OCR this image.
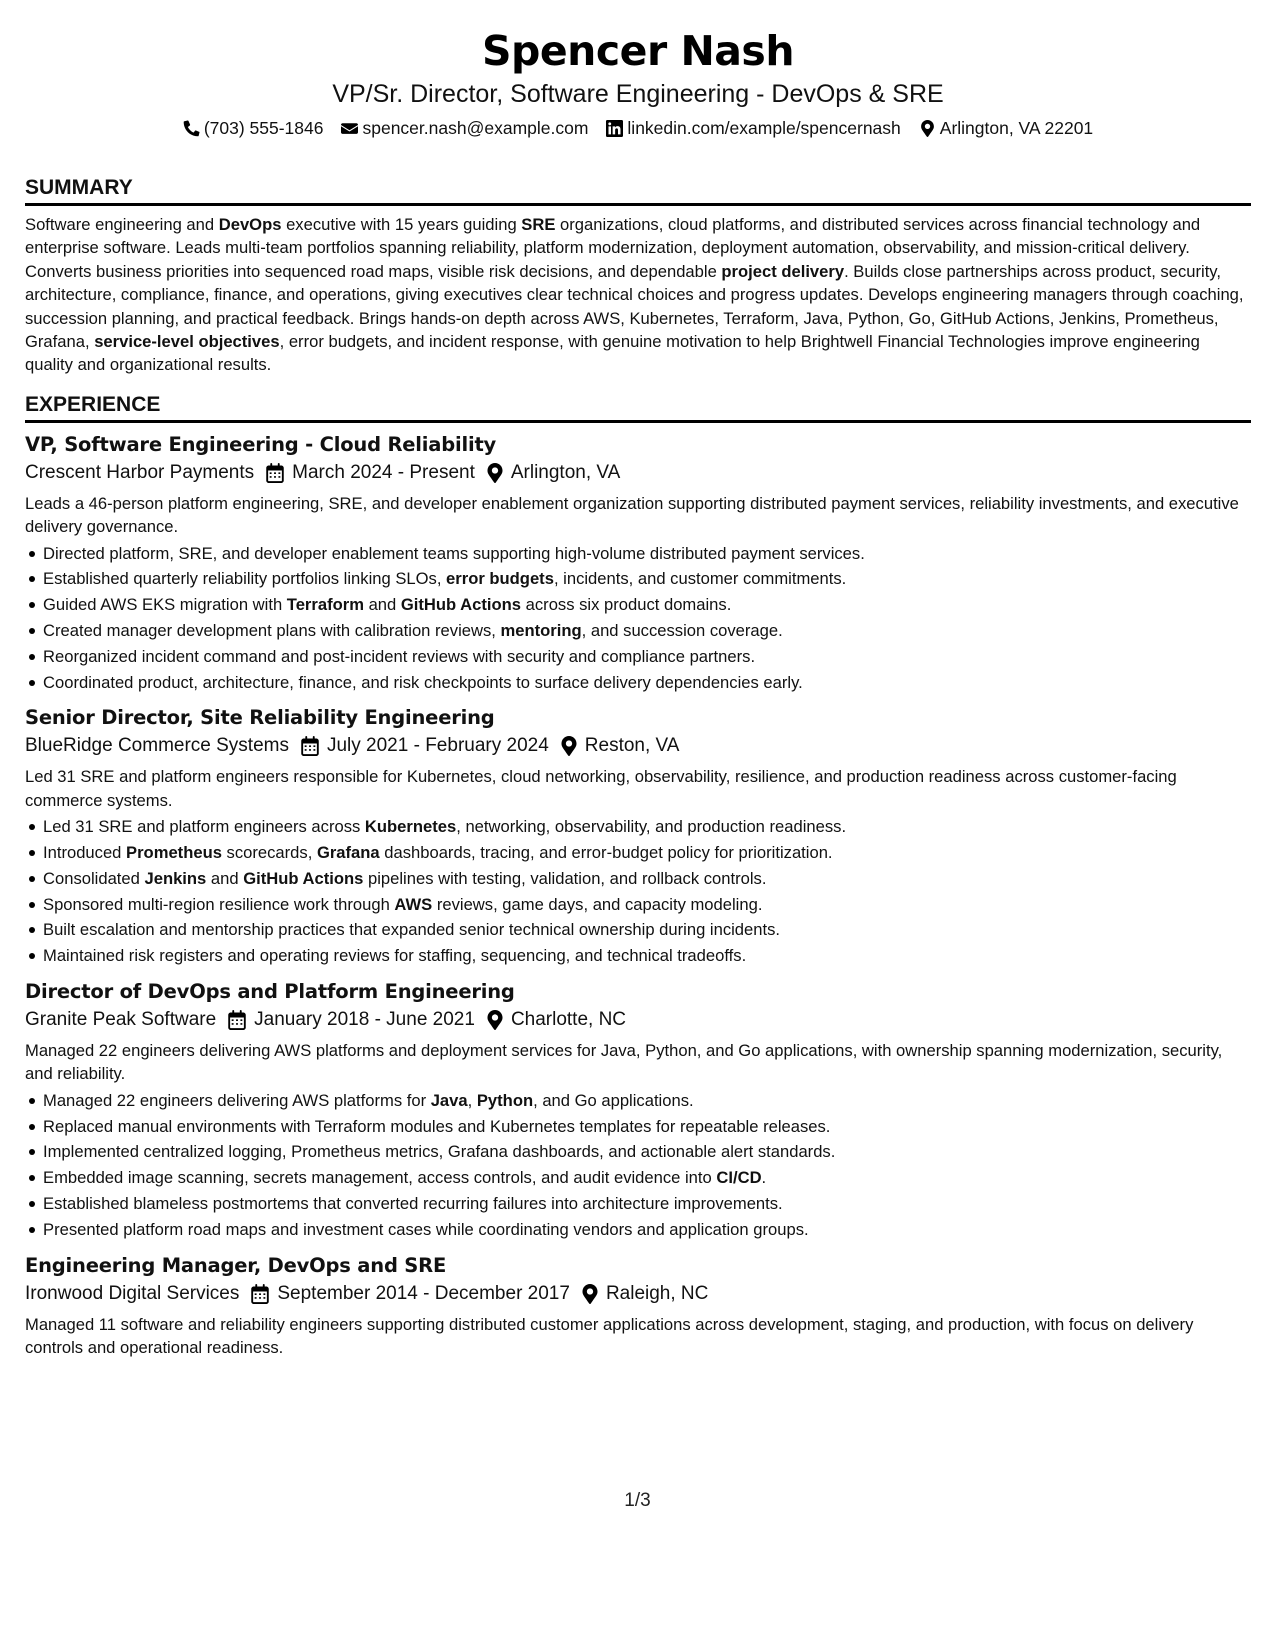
Spencer Nash
VP/Sr. Director, Software Engineering - DevOps & SRE
(703) 555-1846 spencer.nash@example.com linkedin.com/example/spencernash Arlington, VA 22201
SUMMARY
Software engineering and DevOps executive with 15 years guiding SRE organizations, cloud platforms, and distributed services across financial technology and enterprise software. Leads multi-team portfolios spanning reliability, platform modernization, deployment automation, observability, and mission-critical delivery. Converts business priorities into sequenced road maps, visible risk decisions, and dependable project delivery. Builds close partnerships across product, security, architecture, compliance, finance, and operations, giving executives clear technical choices and progress updates. Develops engineering managers through coaching, succession planning, and practical feedback. Brings hands-on depth across AWS, Kubernetes, Terraform, Java, Python, Go, GitHub Actions, Jenkins, Prometheus, Grafana, service-level objectives, error budgets, and incident response, with genuine motivation to help Brightwell Financial Technologies improve engineering quality and organizational results.
EXPERIENCE
VP, Software Engineering - Cloud Reliability
Crescent Harbor Payments March 2024 - Present Arlington, VA
Leads a 46-person platform engineering, SRE, and developer enablement organization supporting distributed payment services, reliability investments, and executive delivery governance.
Directed platform, SRE, and developer enablement teams supporting high-volume distributed payment services.
Established quarterly reliability portfolios linking SLOs, error budgets, incidents, and customer commitments.
Guided AWS EKS migration with Terraform and GitHub Actions across six product domains.
Created manager development plans with calibration reviews, mentoring, and succession coverage.
Reorganized incident command and post-incident reviews with security and compliance partners.
Coordinated product, architecture, finance, and risk checkpoints to surface delivery dependencies early.
Senior Director, Site Reliability Engineering
BlueRidge Commerce Systems July 2021 - February 2024 Reston, VA
Led 31 SRE and platform engineers responsible for Kubernetes, cloud networking, observability, resilience, and production readiness across customer-facing commerce systems.
Led 31 SRE and platform engineers across Kubernetes, networking, observability, and production readiness.
Introduced Prometheus scorecards, Grafana dashboards, tracing, and error-budget policy for prioritization.
Consolidated Jenkins and GitHub Actions pipelines with testing, validation, and rollback controls.
Sponsored multi-region resilience work through AWS reviews, game days, and capacity modeling.
Built escalation and mentorship practices that expanded senior technical ownership during incidents.
Maintained risk registers and operating reviews for staffing, sequencing, and technical tradeoffs.
Director of DevOps and Platform Engineering
Granite Peak Software January 2018 - June 2021 Charlotte, NC
Managed 22 engineers delivering AWS platforms and deployment services for Java, Python, and Go applications, with ownership spanning modernization, security, and reliability.
Managed 22 engineers delivering AWS platforms for Java, Python, and Go applications.
Replaced manual environments with Terraform modules and Kubernetes templates for repeatable releases.
Implemented centralized logging, Prometheus metrics, Grafana dashboards, and actionable alert standards.
Embedded image scanning, secrets management, access controls, and audit evidence into CI/CD.
Established blameless postmortems that converted recurring failures into architecture improvements.
Presented platform road maps and investment cases while coordinating vendors and application groups.
Engineering Manager, DevOps and SRE
Ironwood Digital Services September 2014 - December 2017 Raleigh, NC
Managed 11 software and reliability engineers supporting distributed customer applications across development, staging, and production, with focus on delivery controls and operational readiness.
1/3
